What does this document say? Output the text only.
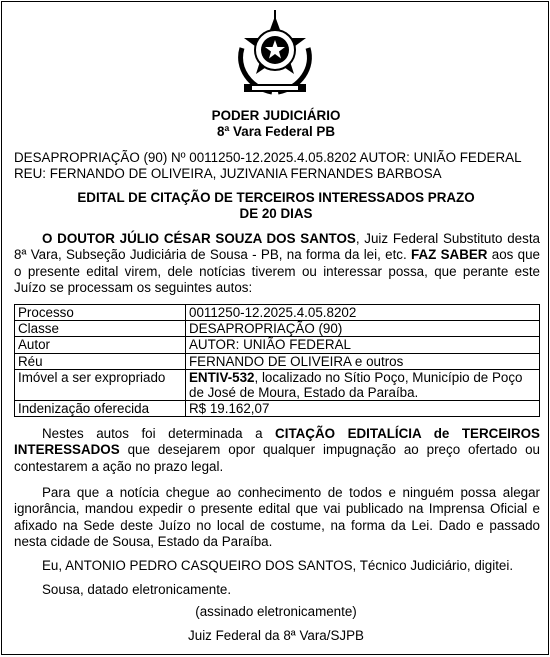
PODER JUDICIÁRIO
8ª Vara Federal PB
DESAPROPRIAÇÃO (90) Nº 0011250-12.2025.4.05.8202 AUTOR: UNIÃO FEDERAL
REU: FERNANDO DE OLIVEIRA, JUZIVANIA FERNANDES BARBOSA
EDITAL DE CITAÇÃO DE TERCEIROS INTERESSADOS PRAZO
DE 20 DIAS
O DOUTOR JÚLIO CÉSAR SOUZA DOS SANTOS, Juiz Federal Substituto desta 8ª Vara, Subseção Judiciária de Sousa - PB, na forma da lei, etc. FAZ SABER aos que o presente edital virem, dele notícias tiverem ou interessar possa, que perante este Juízo se processam os seguintes autos:
Processo	0011250-12.2025.4.05.8202
Classe	DESAPROPRIAÇÃO (90)
Autor	AUTOR: UNIÃO FEDERAL
Réu	FERNANDO DE OLIVEIRA e outros
Imóvel a ser expropriado	ENTIV-532, localizado no Sítio Poço, Município de Poço de José de Moura, Estado da Paraíba.
Indenização oferecida	R$ 19.162,07
Nestes autos foi determinada a CITAÇÃO EDITALÍCIA de TERCEIROS INTERESSADOS que desejarem opor qualquer impugnação ao preço ofertado ou contestarem a ação no prazo legal.
Para que a notícia chegue ao conhecimento de todos e ninguém possa alegar ignorância, mandou expedir o presente edital que vai publicado na Imprensa Oficial e afixado na Sede deste Juízo no local de costume, na forma da Lei. Dado e passado nesta cidade de Sousa, Estado da Paraíba.
Eu, ANTONIO PEDRO CASQUEIRO DOS SANTOS, Técnico Judiciário, digitei.
Sousa, datado eletronicamente.
(assinado eletronicamente)
Juiz Federal da 8ª Vara/SJPB
